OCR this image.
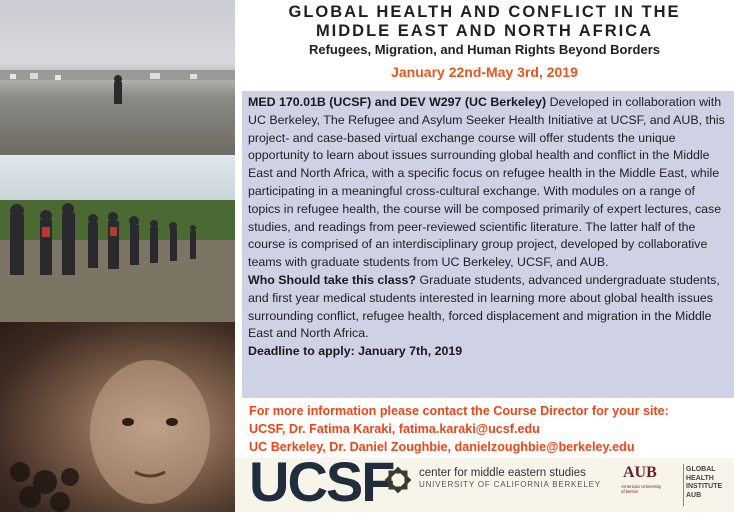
GLOBAL HEALTH AND CONFLICT IN THE
MIDDLE EAST AND NORTH AFRICA
Refugees, Migration, and Human Rights Beyond Borders
January 22nd-May 3rd, 2019

MED 170.01B (UCSF) and DEV W297 (UC Berkeley) Developed in collaboration with UC Berkeley, The Refugee and Asylum Seeker Health Initiative at UCSF, and AUB, this project- and case-based virtual exchange course will offer students the unique opportunity to learn about issues surrounding global health and conflict in the Middle East and North Africa, with a specific focus on refugee health in the Middle East, while participating in a meaningful cross-cultural exchange. With modules on a range of topics in refugee health, the course will be composed primarily of expert lectures, case studies, and readings from peer-reviewed scientific literature. The latter half of the course is comprised of an interdisciplinary group project, developed by collaborative teams with graduate students from UC Berkeley, UCSF, and AUB.

Who Should take this class? Graduate students, advanced undergraduate students, and first year medical students interested in learning more about global health issues surrounding conflict, refugee health, forced displacement and migration in the Middle East and North Africa.

Deadline to apply: January 7th, 2019

For more information please contact the Course Director for your site:
UCSF, Dr. Fatima Karaki, fatima.karaki@ucsf.edu
UC Berkeley, Dr. Daniel Zoughbie, danielzoughbie@berkeley.edu
UCSF center for middle eastern studies
UNIVERSITY OF CALIFORNIA BERKELEY
AUB
American University of Beirut
GLOBAL
HEALTH
INSTITUTE
AUB
